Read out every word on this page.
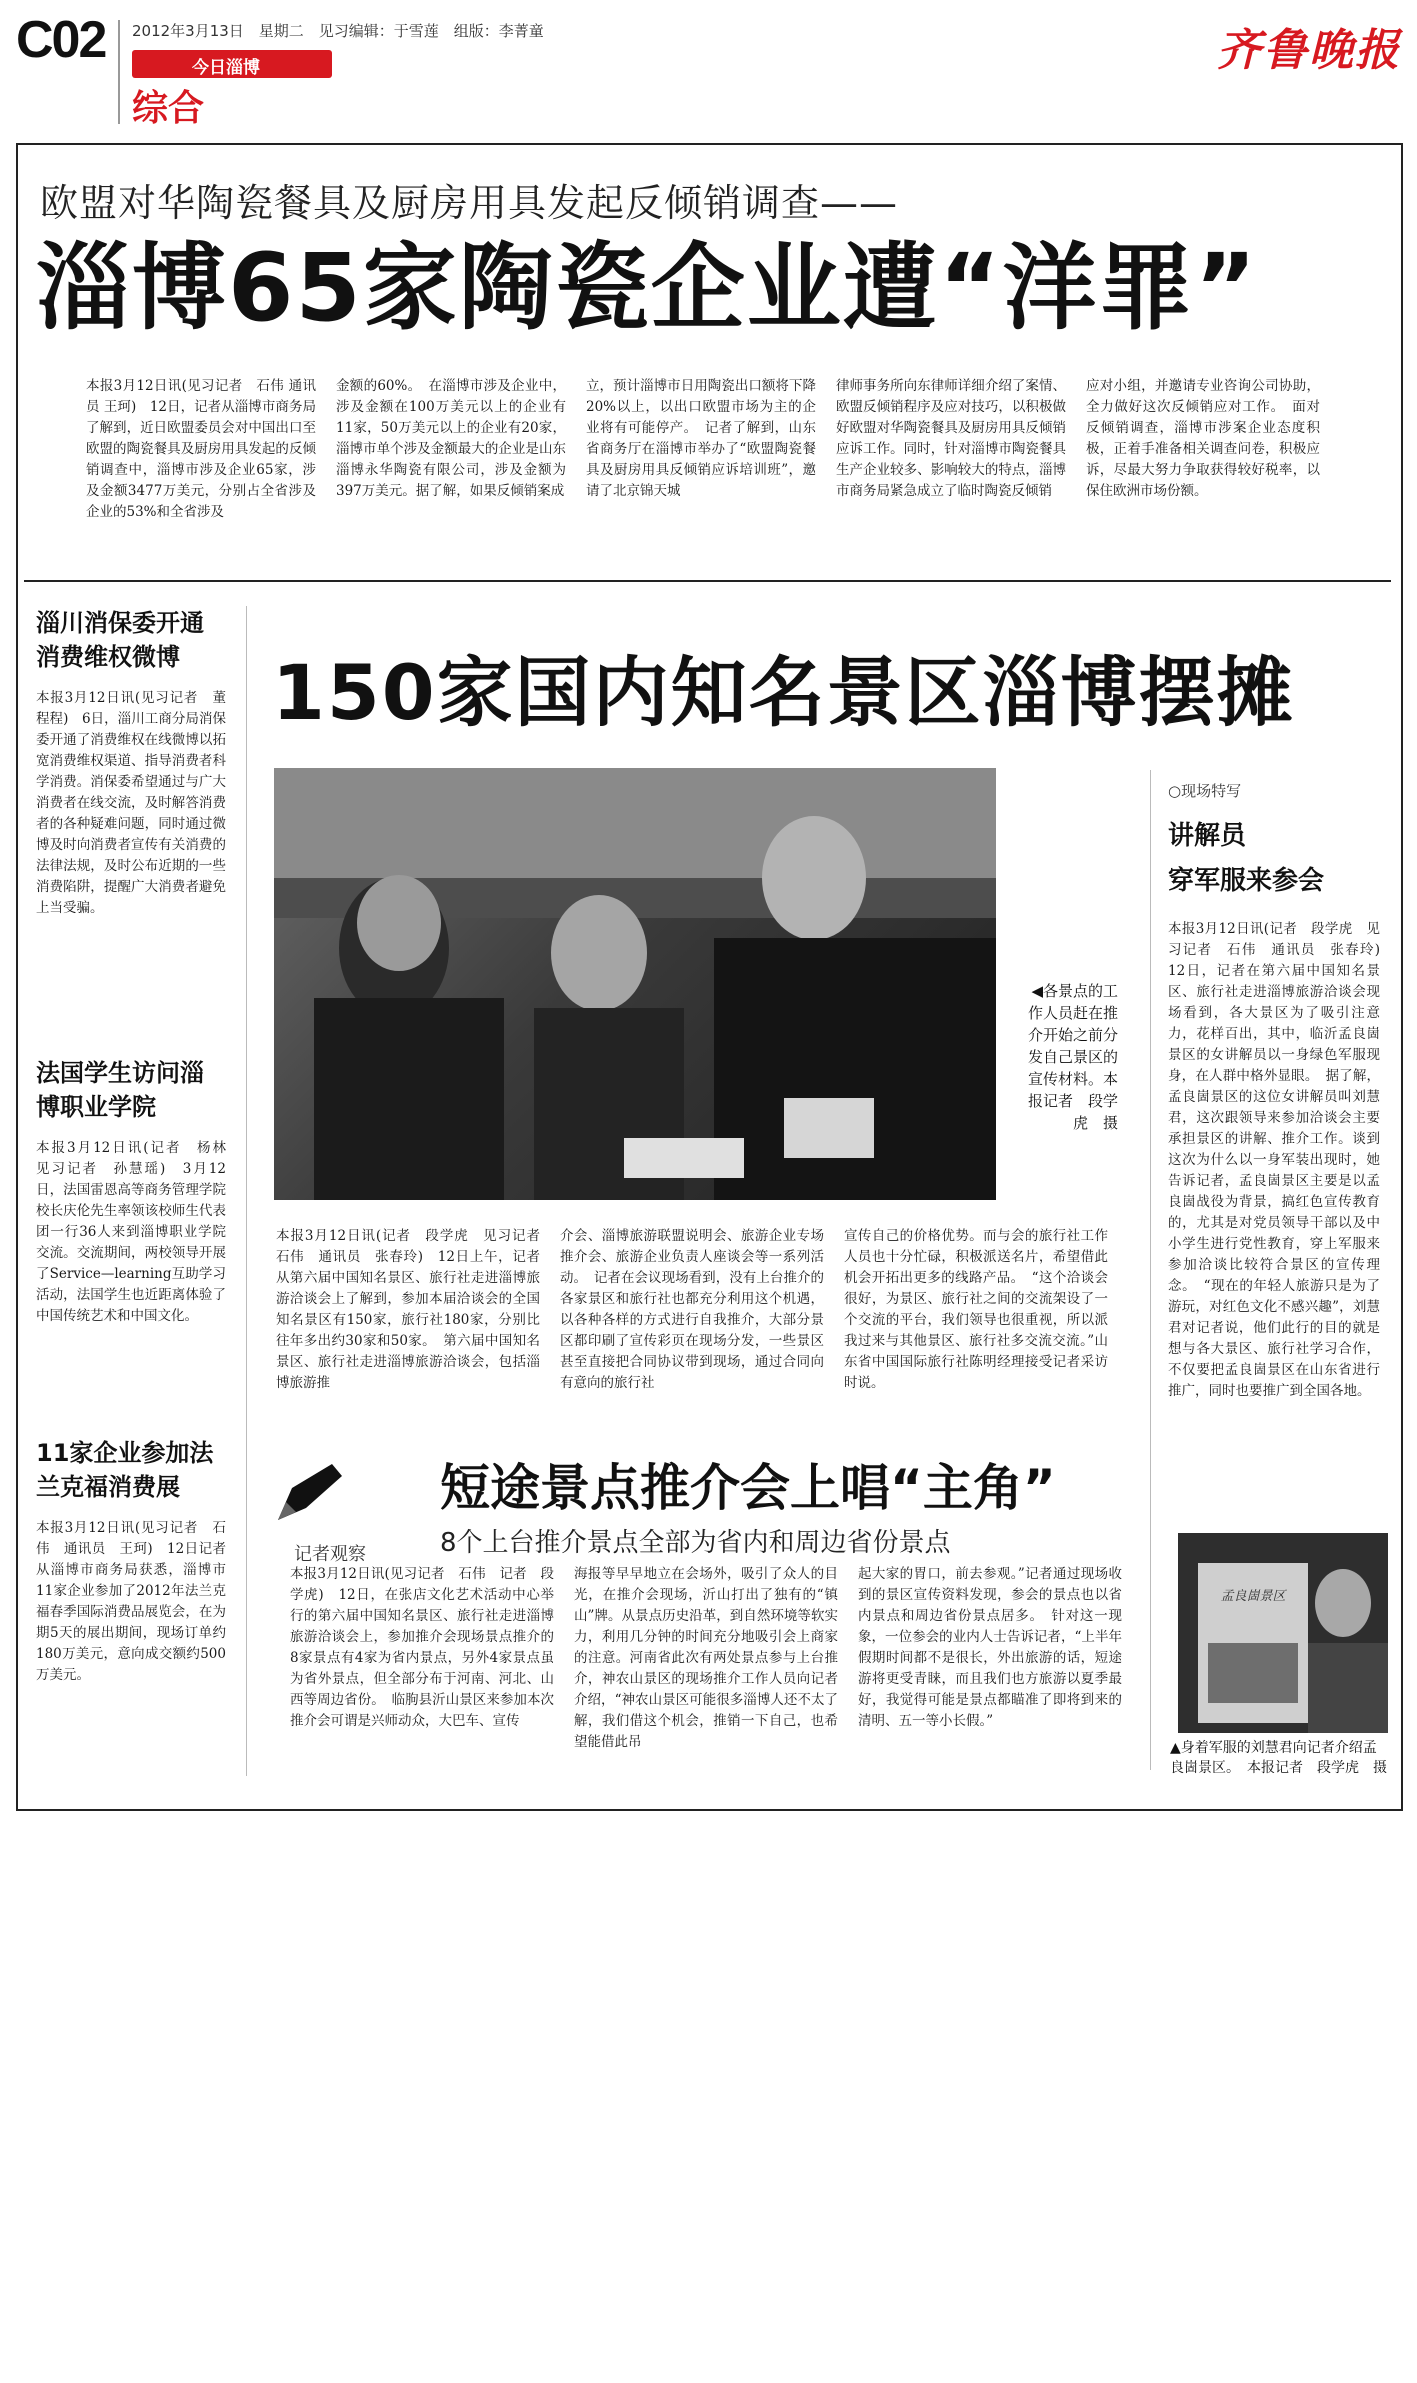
C02 2012年3月13日　星期二　见习编辑：于雪莲　组版：李菁童
今日淄博
综合
齐鲁晚报
欧盟对华陶瓷餐具及厨房用具发起反倾销调查——
淄博65家陶瓷企业遭“洋罪”
本报3月12日讯(见习记者　石伟 通讯员 王珂)　12日，记者从淄博市商务局了解到，近日欧盟委员会对中国出口至欧盟的陶瓷餐具及厨房用具发起的反倾销调查中，淄博市涉及企业65家，涉及金额3477万美元，分别占全省涉及企业的53%和全省涉及
金额的60%。　在淄博市涉及企业中，涉及金额在100万美元以上的企业有11家，50万美元以上的企业有20家，淄博市单个涉及金额最大的企业是山东淄博永华陶瓷有限公司，涉及金额为397万美元。据了解，如果反倾销案成
立，预计淄博市日用陶瓷出口额将下降20%以上，以出口欧盟市场为主的企业将有可能停产。　记者了解到，山东省商务厅在淄博市举办了“欧盟陶瓷餐具及厨房用具反倾销应诉培训班”，邀请了北京锦天城
律师事务所向东律师详细介绍了案情、欧盟反倾销程序及应对技巧，以积极做好欧盟对华陶瓷餐具及厨房用具反倾销应诉工作。同时，针对淄博市陶瓷餐具生产企业较多、影响较大的特点，淄博市商务局紧急成立了临时陶瓷反倾销
应对小组，并邀请专业咨询公司协助，全力做好这次反倾销应对工作。　面对反倾销调查，淄博市涉案企业态度积极，正着手准备相关调查问卷，积极应诉，尽最大努力争取获得较好税率，以保住欧洲市场份额。
淄川消保委开通消费维权微博
本报3月12日讯(见习记者　董程程)　6日，淄川工商分局消保委开通了消费维权在线微博以拓宽消费维权渠道、指导消费者科学消费。消保委希望通过与广大消费者在线交流，及时解答消费者的各种疑难问题，同时通过微博及时向消费者宣传有关消费的法律法规，及时公布近期的一些消费陷阱，提醒广大消费者避免上当受骗。
法国学生访问淄博职业学院
本报3月12日讯(记者　杨林　见习记者　孙慧瑶)　3月12日，法国雷恩高等商务管理学院校长庆伦先生率领该校师生代表团一行36人来到淄博职业学院交流。交流期间，两校领导开展了Service—learning互助学习活动，法国学生也近距离体验了中国传统艺术和中国文化。
11家企业参加法兰克福消费展
本报3月12日讯(见习记者　石伟　通讯员　王珂)　12日记者从淄博市商务局获悉，淄博市11家企业参加了2012年法兰克福春季国际消费品展览会，在为期5天的展出期间，现场订单约180万美元，意向成交额约500万美元。
150家国内知名景区淄博摆摊
◀各景点的工作人员赶在推介开始之前分发自己景区的宣传材料。本报记者　段学虎　摄
本报3月12日讯(记者　段学虎　见习记者　石伟　通讯员　张春玲)　12日上午，记者从第六届中国知名景区、旅行社走进淄博旅游洽谈会上了解到，参加本届洽谈会的全国知名景区有150家，旅行社180家，分别比往年多出约30家和50家。　第六届中国知名景区、旅行社走进淄博旅游洽谈会，包括淄博旅游推
介会、淄博旅游联盟说明会、旅游企业专场推介会、旅游企业负责人座谈会等一系列活动。　记者在会议现场看到，没有上台推介的各家景区和旅行社也都充分利用这个机遇，以各种各样的方式进行自我推介，大部分景区都印刷了宣传彩页在现场分发，一些景区甚至直接把合同协议带到现场，通过合同向有意向的旅行社
宣传自己的价格优势。而与会的旅行社工作人员也十分忙碌，积极派送名片，希望借此机会开拓出更多的线路产品。　“这个洽谈会很好，为景区、旅行社之间的交流架设了一个交流的平台，我们领导也很重视，所以派我过来与其他景区、旅行社多交流交流。”山东省中国国际旅行社陈明经理接受记者采访时说。
○现场特写
讲解员
穿军服来参会
本报3月12日讯(记者　段学虎　见习记者　石伟　通讯员　张春玲)　12日，记者在第六届中国知名景区、旅行社走进淄博旅游洽谈会现场看到，各大景区为了吸引注意力，花样百出，其中，临沂孟良崮景区的女讲解员以一身绿色军服现身，在人群中格外显眼。　据了解，孟良崮景区的这位女讲解员叫刘慧君，这次跟领导来参加洽谈会主要承担景区的讲解、推介工作。谈到这次为什么以一身军装出现时，她告诉记者，孟良崮景区主要是以孟良崮战役为背景，搞红色宣传教育的，尤其是对党员领导干部以及中小学生进行党性教育，穿上军服来参加洽谈比较符合景区的宣传理念。　“现在的年轻人旅游只是为了游玩，对红色文化不感兴趣”，刘慧君对记者说，他们此行的目的就是想与各大景区、旅行社学习合作，不仅要把孟良崮景区在山东省进行推广，同时也要推广到全国各地。
孟良崮景区
▲身着军服的刘慧君向记者介绍孟良崮景区。　本报记者　段学虎　摄
记者观察
短途景点推介会上唱“主角”
8个上台推介景点全部为省内和周边省份景点
本报3月12日讯(见习记者　石伟　记者　段学虎)　12日，在张店文化艺术活动中心举行的第六届中国知名景区、旅行社走进淄博旅游洽谈会上，参加推介会现场景点推介的8家景点有4家为省内景点，另外4家景点虽为省外景点，但全部分布于河南、河北、山西等周边省份。　临朐县沂山景区来参加本次推介会可谓是兴师动众，大巴车、宣传
海报等早早地立在会场外，吸引了众人的目光，在推介会现场，沂山打出了独有的“镇山”牌。从景点历史沿革，到自然环境等软实力，利用几分钟的时间充分地吸引会上商家的注意。河南省此次有两处景点参与上台推介，神农山景区的现场推介工作人员向记者介绍，“神农山景区可能很多淄博人还不太了解，我们借这个机会，推销一下自己，也希望能借此吊
起大家的胃口，前去参观。”记者通过现场收到的景区宣传资料发现，参会的景点也以省内景点和周边省份景点居多。　针对这一现象，一位参会的业内人士告诉记者，“上半年假期时间都不是很长，外出旅游的话，短途游将更受青睐，而且我们也方旅游以夏季最好，我觉得可能是景点都瞄准了即将到来的清明、五一等小长假。”
